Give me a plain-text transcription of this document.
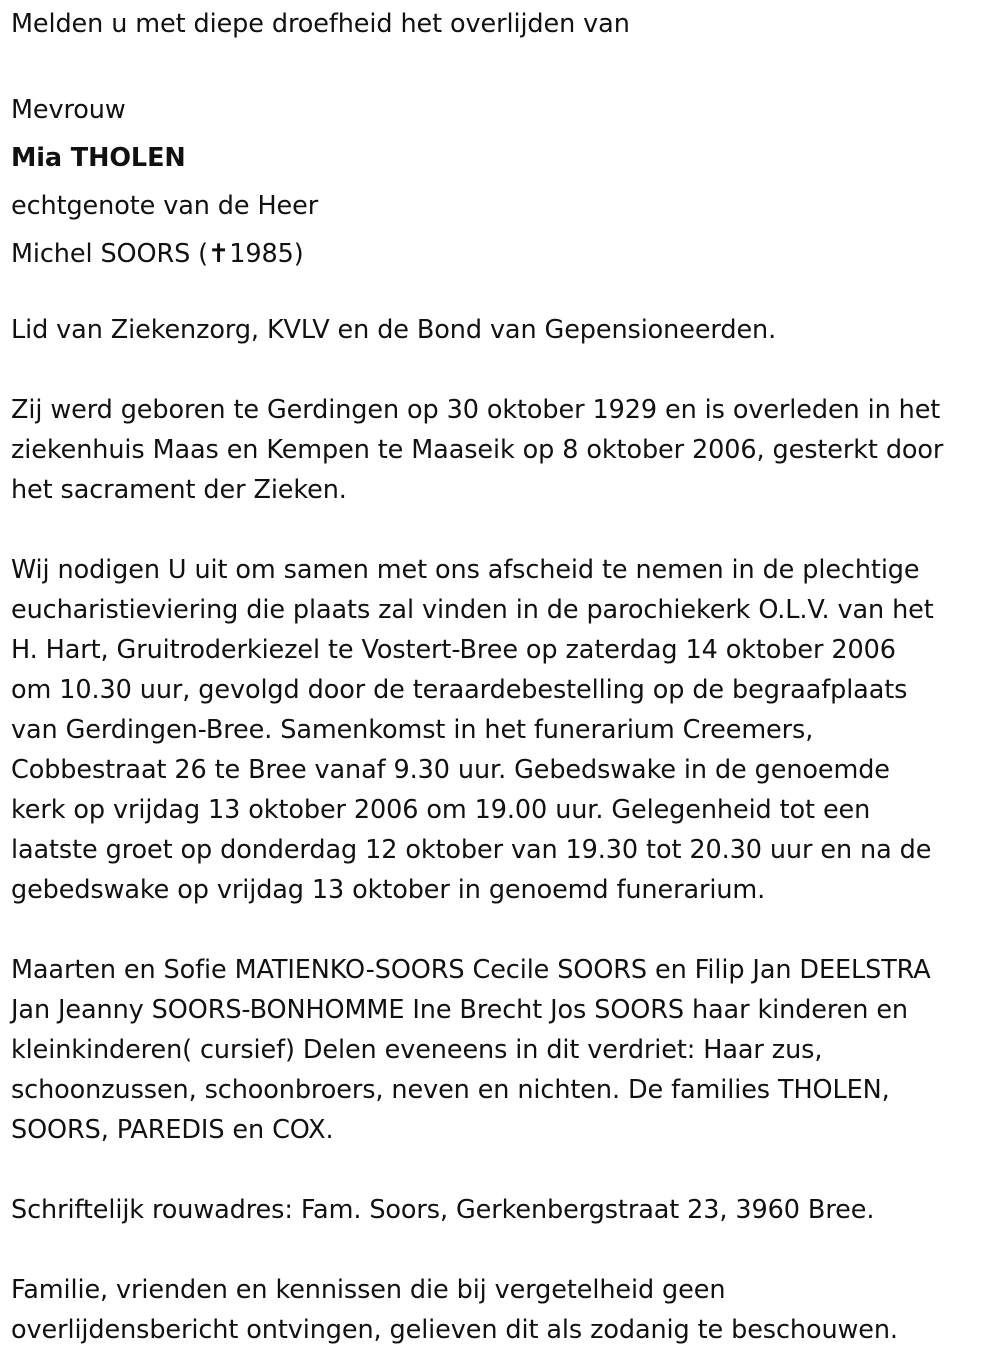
Melden u met diepe droefheid het overlijden van
Mevrouw
Mia THOLEN
echtgenote van de Heer
Michel SOORS (✝1985)
Lid van Ziekenzorg, KVLV en de Bond van Gepensioneerden.
Zij werd geboren te Gerdingen op 30 oktober 1929 en is overleden in het
ziekenhuis Maas en Kempen te Maaseik op 8 oktober 2006, gesterkt door
het sacrament der Zieken.
Wij nodigen U uit om samen met ons afscheid te nemen in de plechtige
eucharistieviering die plaats zal vinden in de parochiekerk O.L.V. van het
H. Hart, Gruitroderkiezel te Vostert-Bree op zaterdag 14 oktober 2006
om 10.30 uur, gevolgd door de teraardebestelling op de begraafplaats
van Gerdingen-Bree. Samenkomst in het funerarium Creemers,
Cobbestraat 26 te Bree vanaf 9.30 uur. Gebedswake in de genoemde
kerk op vrijdag 13 oktober 2006 om 19.00 uur. Gelegenheid tot een
laatste groet op donderdag 12 oktober van 19.30 tot 20.30 uur en na de
gebedswake op vrijdag 13 oktober in genoemd funerarium.
Maarten en Sofie MATIENKO-SOORS Cecile SOORS en Filip Jan DEELSTRA
Jan Jeanny SOORS-BONHOMME Ine Brecht Jos SOORS haar kinderen en
kleinkinderen( cursief) Delen eveneens in dit verdriet: Haar zus,
schoonzussen, schoonbroers, neven en nichten. De families THOLEN,
SOORS, PAREDIS en COX.
Schriftelijk rouwadres: Fam. Soors, Gerkenbergstraat 23, 3960 Bree.
Familie, vrienden en kennissen die bij vergetelheid geen
overlijdensbericht ontvingen, gelieven dit als zodanig te beschouwen.
